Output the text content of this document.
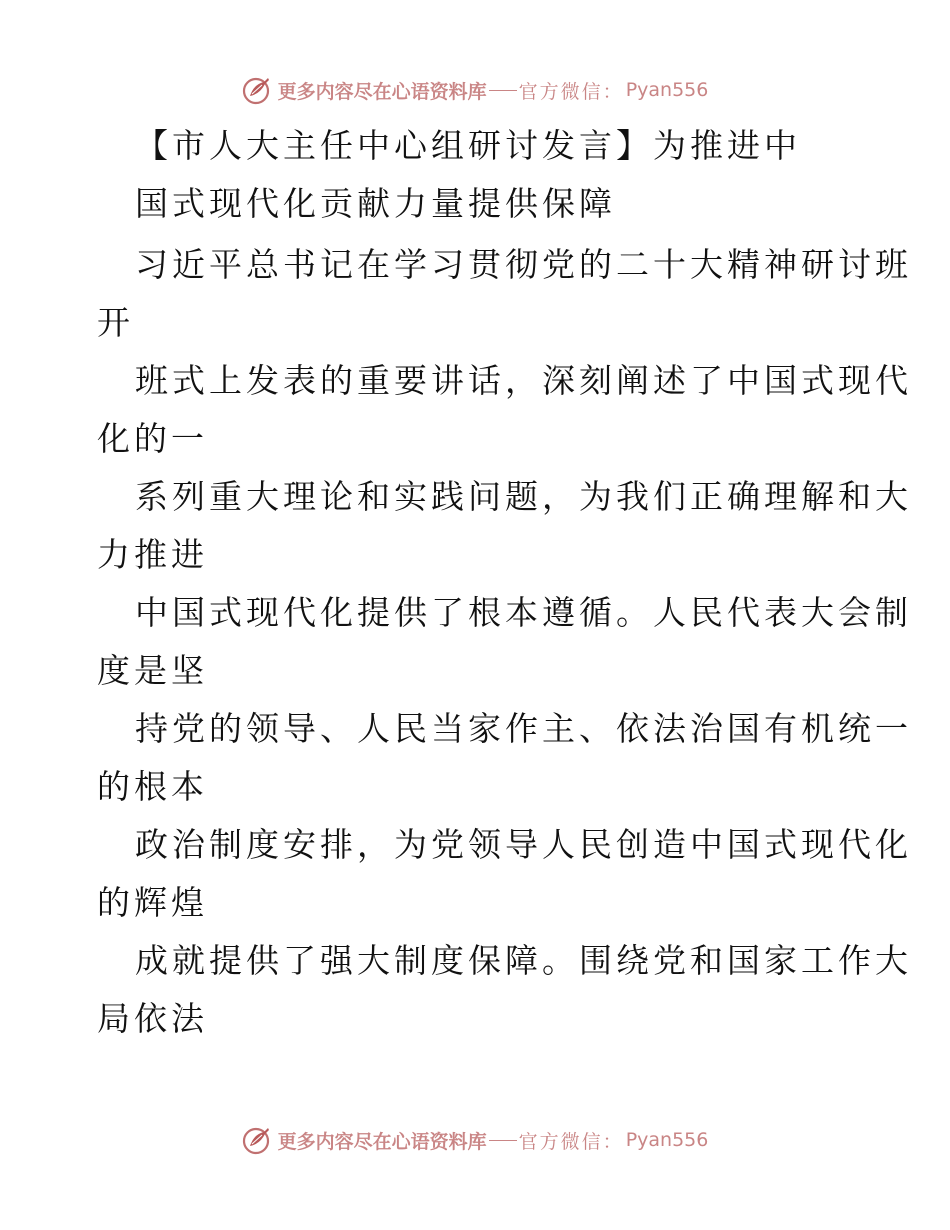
更多内容尽在心语资料库 官方微信： Pyan556
【市人大主任中心组研讨发言】为推进中
国式现代化贡献力量提供保障
习近平总书记在学习贯彻党的二十大精神研讨班
开
班式上发表的重要讲话，深刻阐述了中国式现代
化的一
系列重大理论和实践问题，为我们正确理解和大
力推进
中国式现代化提供了根本遵循。人民代表大会制
度是坚
持党的领导、人民当家作主、依法治国有机统一
的根本
政治制度安排，为党领导人民创造中国式现代化
的辉煌
成就提供了强大制度保障。围绕党和国家工作大
局依法
更多内容尽在心语资料库 官方微信： Pyan556
